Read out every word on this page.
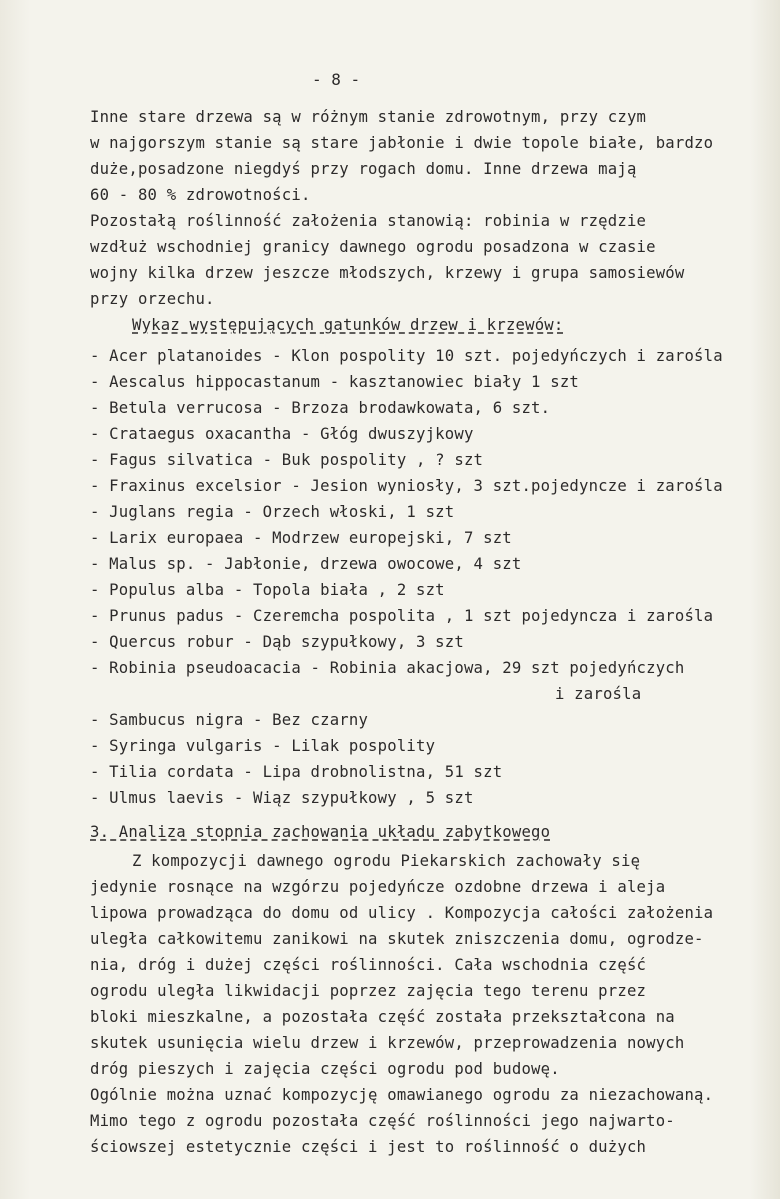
- 8 -
Inne stare drzewa są w różnym stanie zdrowotnym, przy czym
w najgorszym stanie są stare jabłonie i dwie topole białe, bardzo
duże,posadzone niegdyś przy rogach domu. Inne drzewa mają
60 - 80 % zdrowotności.
Pozostałą roślinność założenia stanowią: robinia w rzędzie
wzdłuż wschodniej granicy dawnego ogrodu posadzona w czasie
wojny kilka drzew jeszcze młodszych, krzewy i grupa samosiewów
przy orzechu.
Wykaz występujących gatunków drzew i krzewów:
- Acer platanoides - Klon pospolity 10 szt. pojedyńczych i zarośla
- Aescalus hippocastanum - kasztanowiec biały 1 szt
- Betula verrucosa - Brzoza brodawkowata, 6 szt.
- Crataegus oxacantha - Głóg dwuszyjkowy
- Fagus silvatica - Buk pospolity , ? szt
- Fraxinus excelsior - Jesion wyniosły, 3 szt.pojedyncze i zarośla
- Juglans regia - Orzech włoski, 1 szt
- Larix europaea - Modrzew europejski, 7 szt
- Malus sp. - Jabłonie, drzewa owocowe, 4 szt
- Populus alba - Topola biała , 2 szt
- Prunus padus - Czeremcha pospolita , 1 szt pojedyncza i zarośla
- Quercus robur - Dąb szypułkowy, 3 szt
- Robinia pseudoacacia - Robinia akacjowa, 29 szt pojedyńczych
i zarośla
- Sambucus nigra - Bez czarny
- Syringa vulgaris - Lilak pospolity
- Tilia cordata - Lipa drobnolistna, 51 szt
- Ulmus laevis - Wiąz szypułkowy , 5 szt
3. Analiza stopnia zachowania układu zabytkowego
Z kompozycji dawnego ogrodu Piekarskich zachowały się
jedynie rosnące na wzgórzu pojedyńcze ozdobne drzewa i aleja
lipowa prowadząca do domu od ulicy . Kompozycja całości założenia
uległa całkowitemu zanikowi na skutek zniszczenia domu, ogrodze-
nia, dróg i dużej części roślinności. Cała wschodnia część
ogrodu uległa likwidacji poprzez zajęcia tego terenu przez
bloki mieszkalne, a pozostała część została przekształcona na
skutek usunięcia wielu drzew i krzewów, przeprowadzenia nowych
dróg pieszych i zajęcia części ogrodu pod budowę.
Ogólnie można uznać kompozycję omawianego ogrodu za niezachowaną.
Mimo tego z ogrodu pozostała część roślinności jego najwarto-
ściowszej estetycznie części i jest to roślinność o dużych
